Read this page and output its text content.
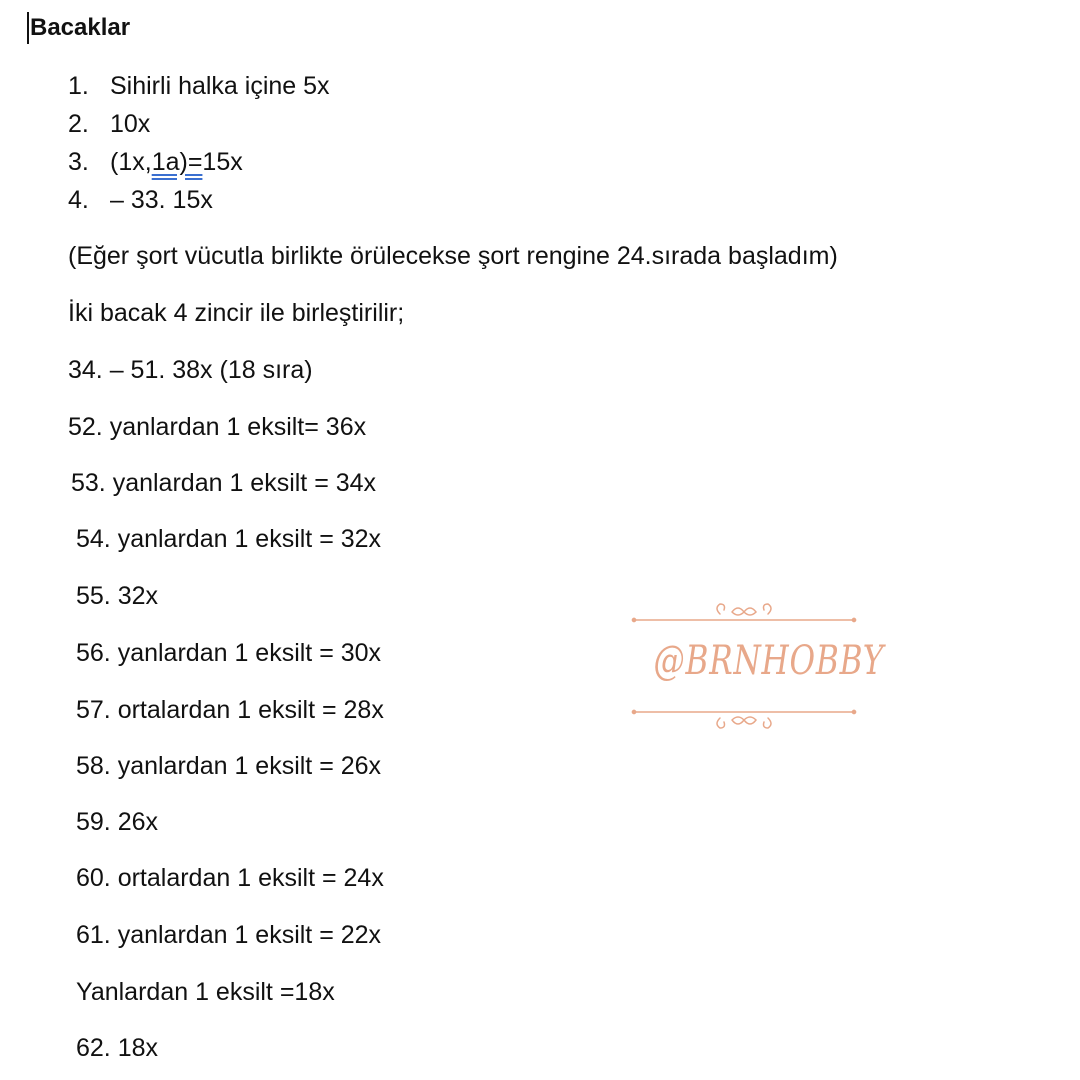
Bacaklar
1. Sihirli halka içine 5x
2. 10x
3. (1x,1a)=15x
4. – 33. 15x
(Eğer şort vücutla birlikte örülecekse şort rengine 24.sırada başladım)
İki bacak 4 zincir ile birleştirilir;
34. – 51. 38x (18 sıra)
52. yanlardan 1 eksilt= 36x
53. yanlardan 1 eksilt = 34x
54. yanlardan 1 eksilt = 32x
55. 32x
56. yanlardan 1 eksilt = 30x
57. ortalardan 1 eksilt = 28x
58. yanlardan 1 eksilt = 26x
59. 26x
60. ortalardan 1 eksilt = 24x
61. yanlardan 1 eksilt = 22x
Yanlardan 1 eksilt =18x
62. 18x
@BRNHOBBY
